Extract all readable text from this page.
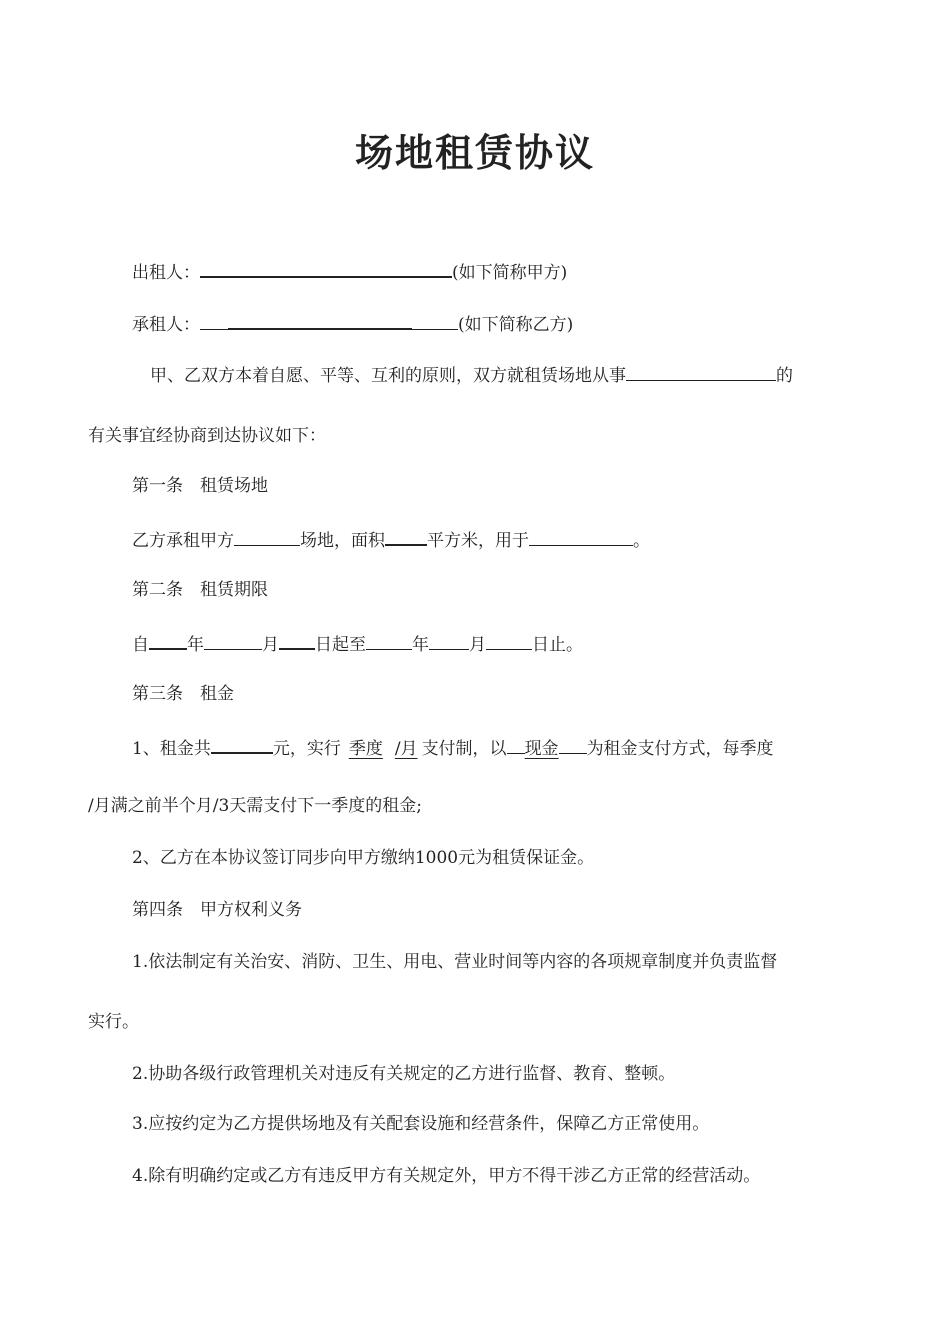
场地租赁协议
出租人：	(如下简称甲方)
承租人：	(如下简称乙方)
甲、乙双方本着自愿、平等、互利的原则，双方就租赁场地从事	的
有关事宜经协商到达协议如下：
第一条　租赁场地
乙方承租甲方	场地，面积 平方米，用于	。
第二条　租赁期限
自 年	月 日起至	年 月	日止。
第三条　租金
1、租金共	元，实行 季度 /月 支付制，以 现金 为租金支付方式，每季度
/月满之前半个月/3天需支付下一季度的租金;
2、乙方在本协议签订同步向甲方缴纳1000元为租赁保证金。
第四条　甲方权利义务
1.依法制定有关治安、消防、卫生、用电、营业时间等内容的各项规章制度并负责监督
实行。
2.协助各级行政管理机关对违反有关规定的乙方进行监督、教育、整顿。
3.应按约定为乙方提供场地及有关配套设施和经营条件，保障乙方正常使用。
4.除有明确约定或乙方有违反甲方有关规定外，甲方不得干涉乙方正常的经营活动。
